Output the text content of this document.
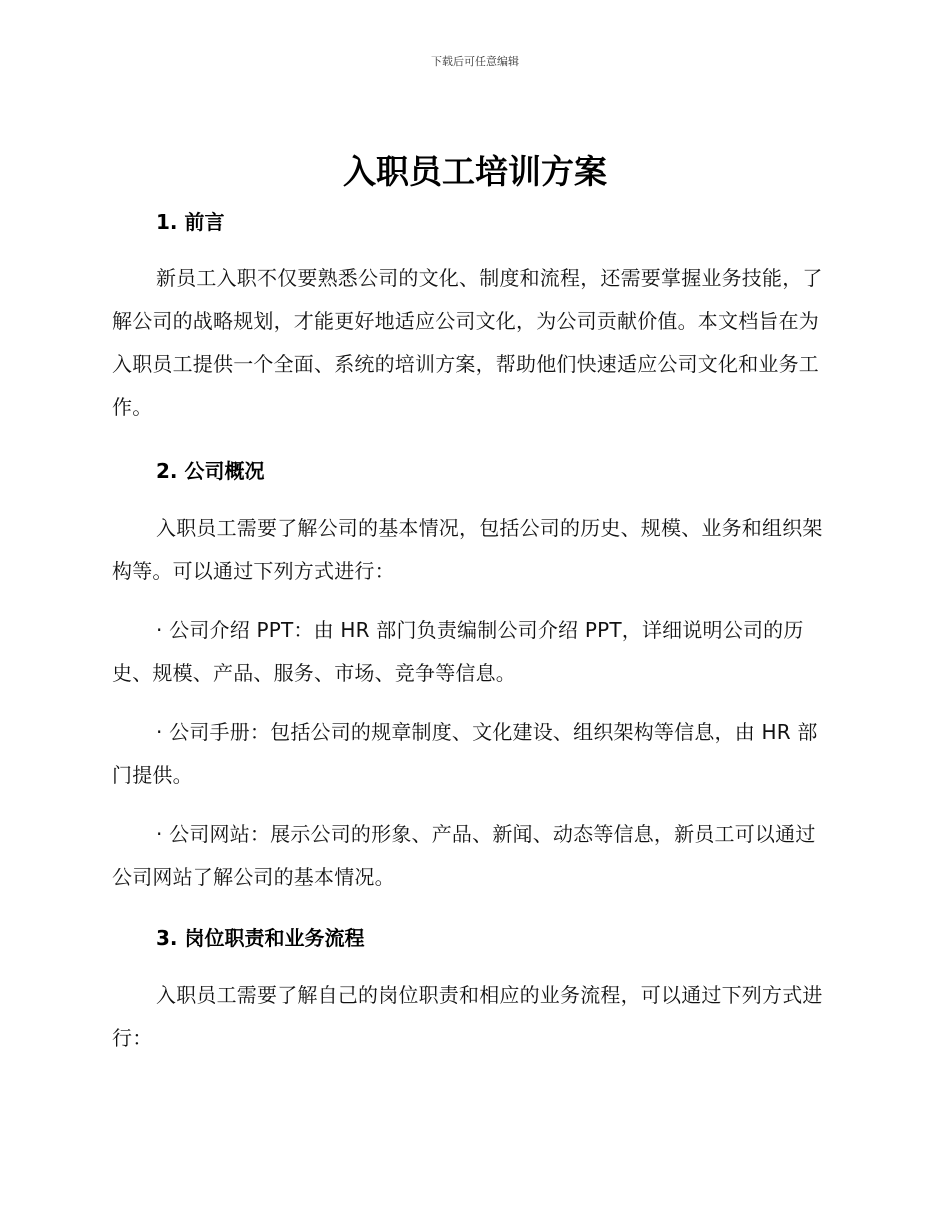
下载后可任意编辑
入职员工培训方案
1. 前言

新员工入职不仅要熟悉公司的文化、制度和流程，还需要掌握业务技能，了解公司的战略规划，才能更好地适应公司文化，为公司贡献价值。本文档旨在为入职员工提供一个全面、系统的培训方案，帮助他们快速适应公司文化和业务工作。

2. 公司概况

入职员工需要了解公司的基本情况，包括公司的历史、规模、业务和组织架构等。可以通过下列方式进行：

· 公司介绍 PPT：由 HR 部门负责编制公司介绍 PPT，详细说明公司的历史、规模、产品、服务、市场、竞争等信息。

· 公司手册：包括公司的规章制度、文化建设、组织架构等信息，由 HR 部门提供。

· 公司网站：展示公司的形象、产品、新闻、动态等信息，新员工可以通过公司网站了解公司的基本情况。

3. 岗位职责和业务流程

入职员工需要了解自己的岗位职责和相应的业务流程，可以通过下列方式进行：
